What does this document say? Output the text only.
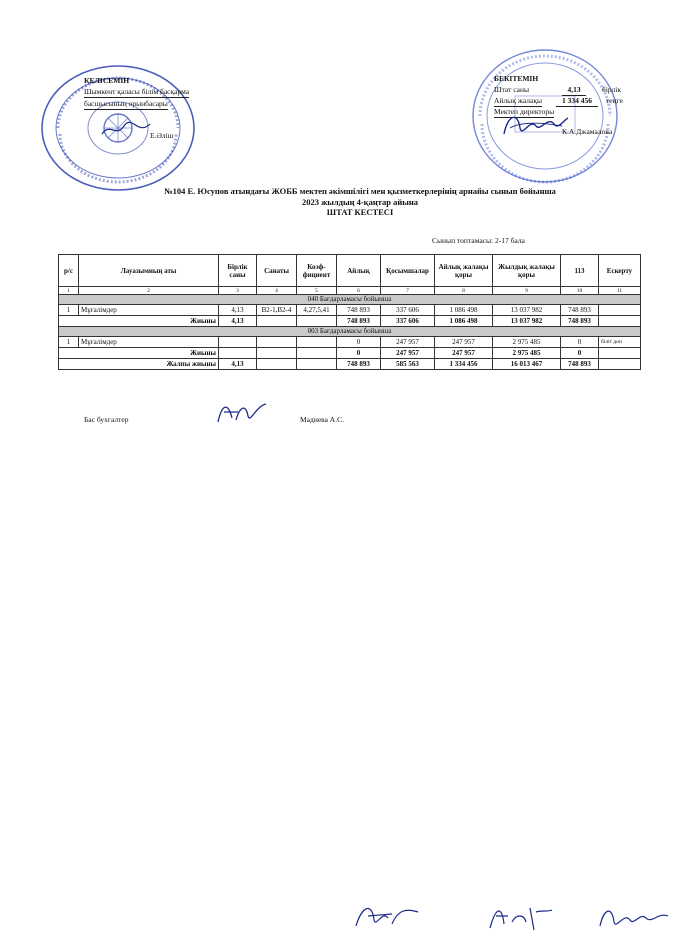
КЕЛІСЕМІН
Шымкент қаласы білім басқарма
басшысының орынбасары
Е.Әліш
БЕКІТЕМІН
Штат саны	4,13	бірлік
Айлық жалақы	1 334 456	теңге
Мектеп директоры
К.А.Джамалова
№104 Е. Юсупов атындағы ЖОББ мектеп әкімшілігі мен қызметкерлерінің арнайы сынып бойынша
2023 жылдың 4-қаңтар айына
ШТАТ КЕСТЕСІ
Сынып топтамасы: 2-17 бала
р/с	Лауазымның аты	Бірлік саны	Санаты	Коэф-фициент	Айлық	Қосымшалар	Айлық жалақы қоры	Жылдық жалақы қоры	113	Ескерту
1	2	3	4	5	6	7	8	9	10	11
040 Бағдарламасы бойынша										
1	Мұғалімдер	4,13	В2-1,В2-4	4,27,5,41	748 893	337 606	1 086 498	13 037 982	748 893	
Жиыны		4,13			748 893	337 606	1 086 498	13 037 982	748 893	
003 Бағдарламасы бойынша										
1	Мұғалімдер				0	247 957	247 957	2 975 485	0	біліт доп
Жиыны					0	247 957	247 957	2 975 485	0	
Жалпы жиыны		4,13			748 893	585 563	1 334 456	16 013 467	748 893	
Бас бухгалтер	Мадиева А.С.
